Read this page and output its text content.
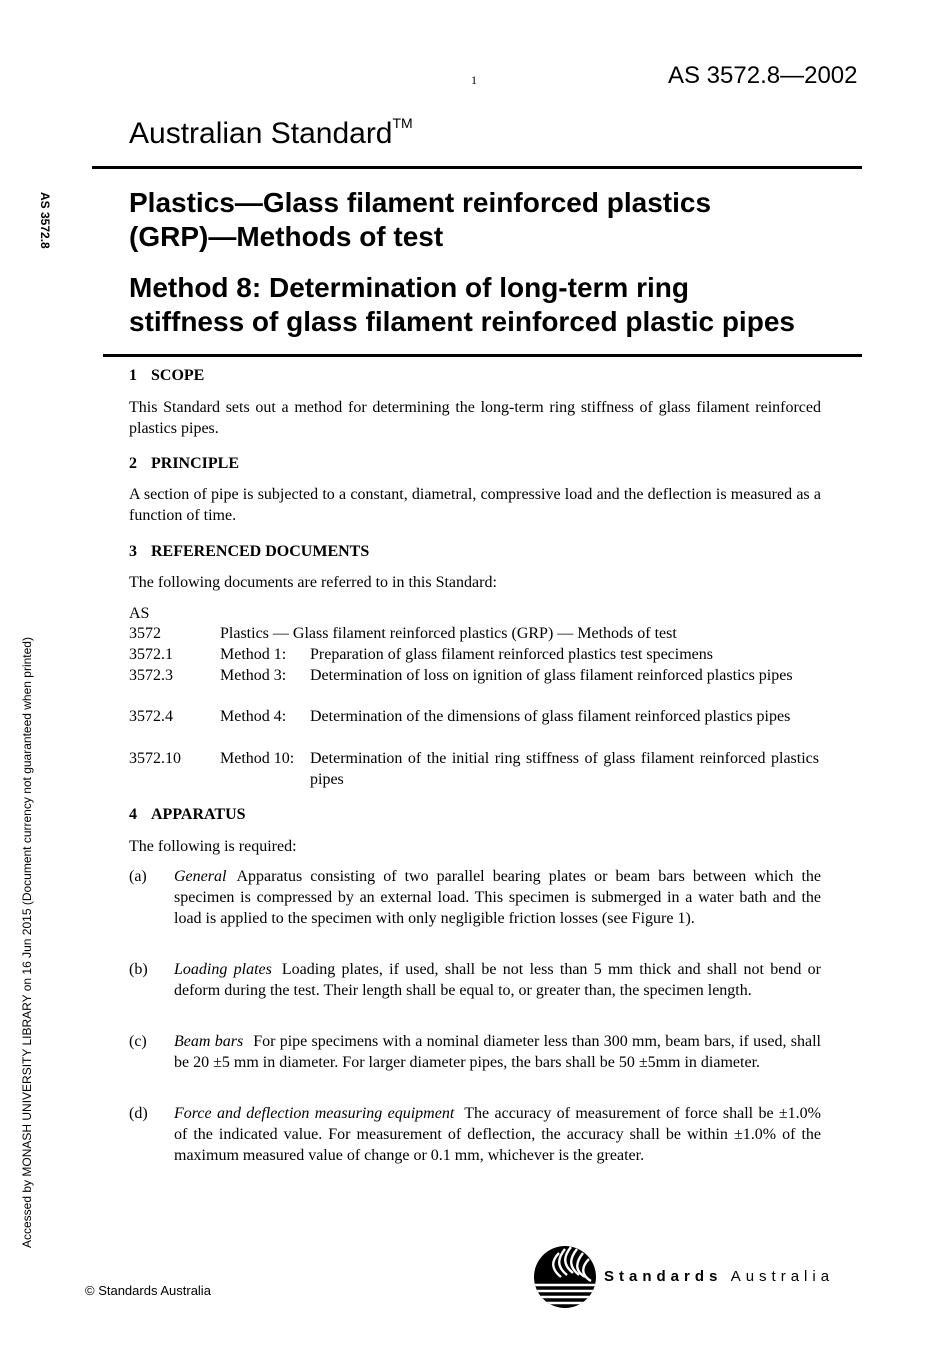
1	AS 3572.8—2002
Australian Standard™
AS 3572.8
Accessed by MONASH UNIVERSITY LIBRARY on 16 Jun 2015 (Document currency not guaranteed when printed)
Plastics—Glass filament reinforced plastics
(GRP)—Methods of test
Method 8: Determination of long-term ring
stiffness of glass filament reinforced plastic pipes
1 SCOPE
This Standard sets out a method for determining the long-term ring stiffness of glass filament reinforced plastics pipes.
2 PRINCIPLE
A section of pipe is subjected to a constant, diametral, compressive load and the deflection is measured as a function of time.
3 REFERENCED DOCUMENTS
The following documents are referred to in this Standard:
AS
3572	Plastics — Glass filament reinforced plastics (GRP) — Methods of test
3572.1	Method 1: Preparation of glass filament reinforced plastics test specimens
3572.3	Method 3: Determination of loss on ignition of glass filament reinforced plastics pipes
3572.4	Method 4: Determination of the dimensions of glass filament reinforced plastics pipes
3572.10 Method 10: Determination of the initial ring stiffness of glass filament reinforced plastics pipes
4 APPARATUS
The following is required:
(a) General Apparatus consisting of two parallel bearing plates or beam bars between which the specimen is compressed by an external load. This specimen is submerged in a water bath and the load is applied to the specimen with only negligible friction losses (see Figure 1).
(b) Loading plates Loading plates, if used, shall be not less than 5 mm thick and shall not bend or deform during the test. Their length shall be equal to, or greater than, the specimen length.
(c) Beam bars For pipe specimens with a nominal diameter less than 300 mm, beam bars, if used, shall be 20 ±5 mm in diameter. For larger diameter pipes, the bars shall be 50 ±5mm in diameter.
(d) Force and deflection measuring equipment The accuracy of measurement of force shall be ±1.0% of the indicated value. For measurement of deflection, the accuracy shall be within ±1.0% of the maximum measured value of change or 0.1 mm, whichever is the greater.
© Standards Australia
Standards Australia
